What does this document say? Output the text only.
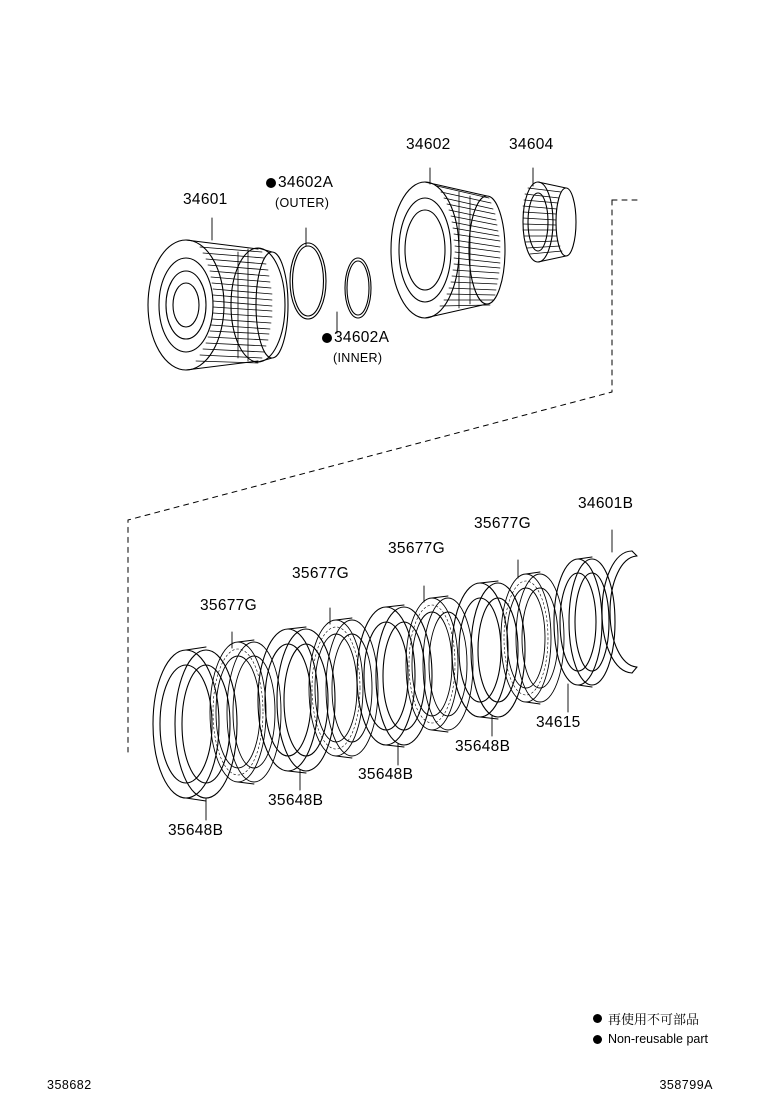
34601
34602A
(OUTER)
34602A
(INNER)
34602	34604
35677G
35677G
35677G
35677G
34601B
35648B
35648B
35648B
35648B
34615
再使用不可部品
Non-reusable part
358682	358799A
